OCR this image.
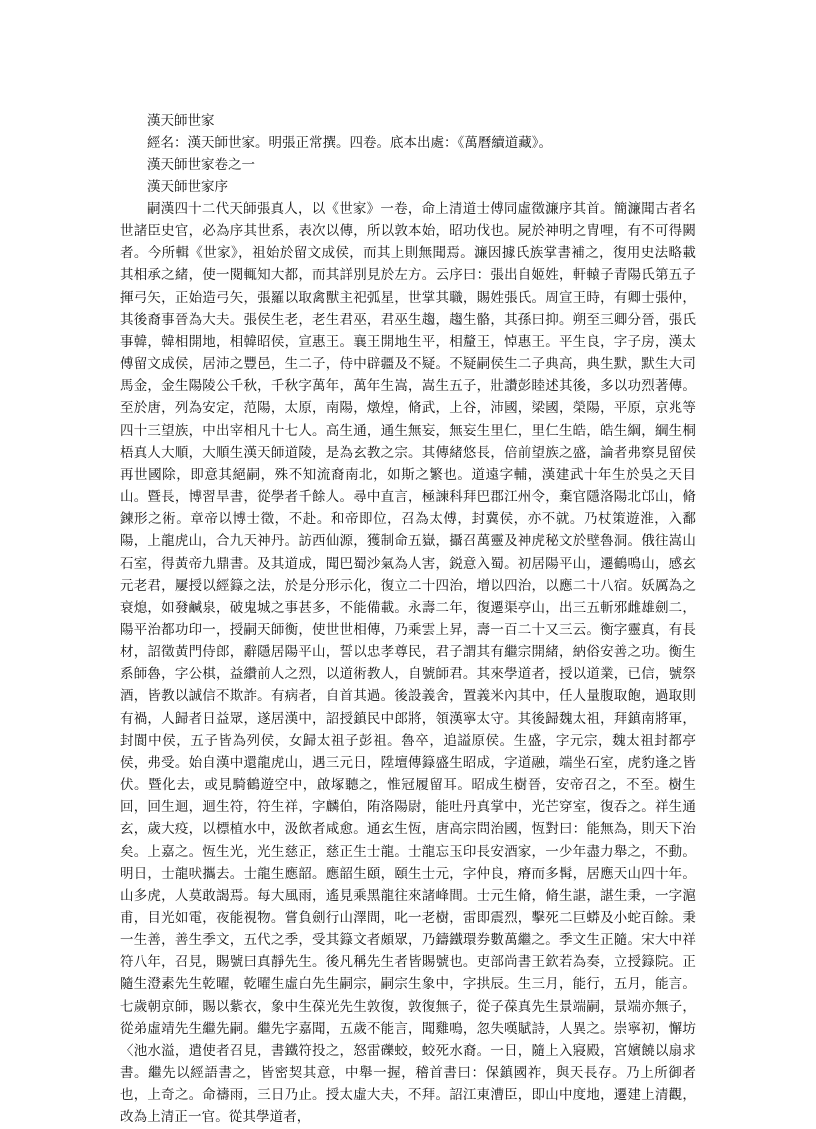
漢天師世家

經名：漢天師世家。明張正常撰。四卷。底本出處：《萬曆續道藏》。

漢天師世家卷之一

漢天師世家序

嗣漢四十二代天師張真人，以《世家》一卷，命上清道士傅同虛徵濂序其首。簡濂聞古者名世諸臣史官，必為序其世系，表次以傳，所以敦本始，昭功伐也。屍於神明之冑哩，有不可得闕者。今所輯《世家》，祖始於留文成侯，而其上則無聞焉。濂因據氏族掌書補之，復用史法略載其相承之緒，使一閱輒知大都，而其詳別見於左方。云序曰：張出自姬姓，軒轅子青陽氏第五子揮弓矢，正始造弓矢，張羅以取禽獸主祀弧星，世掌其職，賜姓張氏。周宣王時，有卿士張仲，其後裔事晉為大夫。張侯生老，老生君巫，君巫生趨，趨生骼，其孫曰抑。朔至三卿分晉，張氏事韓，韓相開地，相韓昭侯，宣惠王。襄王開地生平，相釐王，悼惠王。平生良，字子房，漢太傅留文成侯，居沛之豐邑，生二子，侍中辟疆及不疑。不疑嗣侯生二子典高，典生默，默生大司馬金，金生陽陵公千秋，千秋字萬年，萬年生嵩，嵩生五子，壯讚彭睦述其後，多以功烈著傳。至於唐，列為安定，范陽，太原，南陽，燉煌，脩武，上谷，沛國，梁國，榮陽，平原，京兆等四十三望族，中出宰相凡十七人。高生通，通生無妄，無妄生里仁，里仁生皓，皓生綱，綱生桐梧真人大順，大順生漢天師道陵，是為玄教之宗。其傳緒悠長，倍前望族之盛，論者弗察見留侯再世國除，即意其絕嗣，殊不知流裔南北，如斯之繁也。道遠字輔，漢建武十年生於吳之天目山。暨長，博習旱書，從學者千餘人。尋中直言，極諫科拜巴郡江州令，棄官隱洛陽北邙山，脩鍊形之術。章帝以博士徵，不赴。和帝即位，召為太傅，封冀侯，亦不就。乃杖策遊淮，入鄱陽，上龍虎山，合九天神丹。訪西仙源，獲制命五嶽，攝召萬靈及神虎秘文於壁魯洞。俄往嵩山石室，得黃帝九鼎書。及其道成，聞巴蜀沙氣為人害，鋭意入蜀。初居陽平山，遷鶴鳴山，感玄元老君，屢授以經籙之法，於是分形示化，復立二十四治，增以四治，以應二十八宿。妖厲為之衰熄，如發鹹泉，破鬼城之事甚多，不能備載。永壽二年，復遷渠亭山，出三五斬邪雌雄劍二，陽平治都功印一，授嗣天師衡，使世世相傳，乃乘雲上昇，壽一百二十又三云。衡字靈真，有長材，詔徵黃門侍郎，辭隱居陽平山，誓以忠孝尊民，君子謂其有繼宗開緒，納俗安善之功。衡生系師魯，字公棋，益纘前人之烈，以道術教人，自號師君。其來學道者，授以道業，已信，號祭酒，皆教以誠信不欺詐。有病者，自首其過。後設義舍，置義米內其中，任人量腹取飽，過取則有禍，人歸者日益眾，遂居漢中，詔授鎮民中郎將，領漢寧太守。其後歸魏太祖，拜鎮南將軍，封閬中侯，五子皆為列侯，女歸太祖子彭祖。魯卒，追謚原侯。生盛，字元宗，魏太祖封都亭侯，弗受。始自漢中還龍虎山，遇三元日，陞壇傳籙盛生昭成，字道融，端坐石室，虎豹逢之皆伏。暨化去，或見騎鶴遊空中，啟塚聽之，惟冠履留耳。昭成生樹晉，安帝召之，不至。樹生回，回生迴，迴生符，符生祥，字麟伯，陏洛陽尉，能吐丹真掌中，光芒穿室，復吞之。祥生通玄，歲大疫，以標植水中，汲飲者咸愈。通玄生恆，唐高宗問治國，恆對曰：能無為，則天下治矣。上嘉之。恆生光，光生慈正，慈正生士龍。士龍忘玉印長安酒家，一少年盡力舉之，不動。明日，士龍吠攜去。士龍生應韶。應韶生頤，頤生士元，字仲良，瘠而多髯，居應天山四十年。山多虎，人莫敢謁焉。每大風雨，遙見乘黑龍往來諸峰間。士元生脩，脩生諶，諶生秉，一字滬甫，目光如電，夜能視物。嘗負劍行山澤間，叱一老樹，雷即震烈，擊死二巨蟒及小蛇百餘。秉一生善，善生季文，五代之季，受其籙文者頗眾，乃鑄鐵環券數萬繼之。季文生正隨。宋大中祥符八年，召見，賜號曰真靜先生。後凡稱先生者皆賜號也。吏部尚書王欽若為奏，立授籙院。正隨生澄素先生乾曜，乾曜生虛白先生嗣宗，嗣宗生象中，字拱辰。生三月，能行，五月，能言。七歲朝京師，賜以紫衣，象中生葆光先生敦復，敦復無子，從子葆真先生景端嗣，景端亦無子，從弟虛靖先生繼先嗣。繼先字嘉聞，五歲不能言，聞雞鳴，忽失嘆賦詩，人異之。崇寧初，懈坊〈池水溢，遣使者召見，書鐵符投之，怒雷礫蛟，蛟死水裔。一日，隨上入寢殿，宮嬪饒以扇求書。繼先以經語書之，皆密契其意，中舉一握，稽首書曰：保鎮國祚，與天長存。乃上所御者也，上奇之。命禱雨，三日乃止。授太虛大夫，不拜。詔江東漕臣，即山中度地，遷建上清觀，改為上清正一官。從其學道者，
